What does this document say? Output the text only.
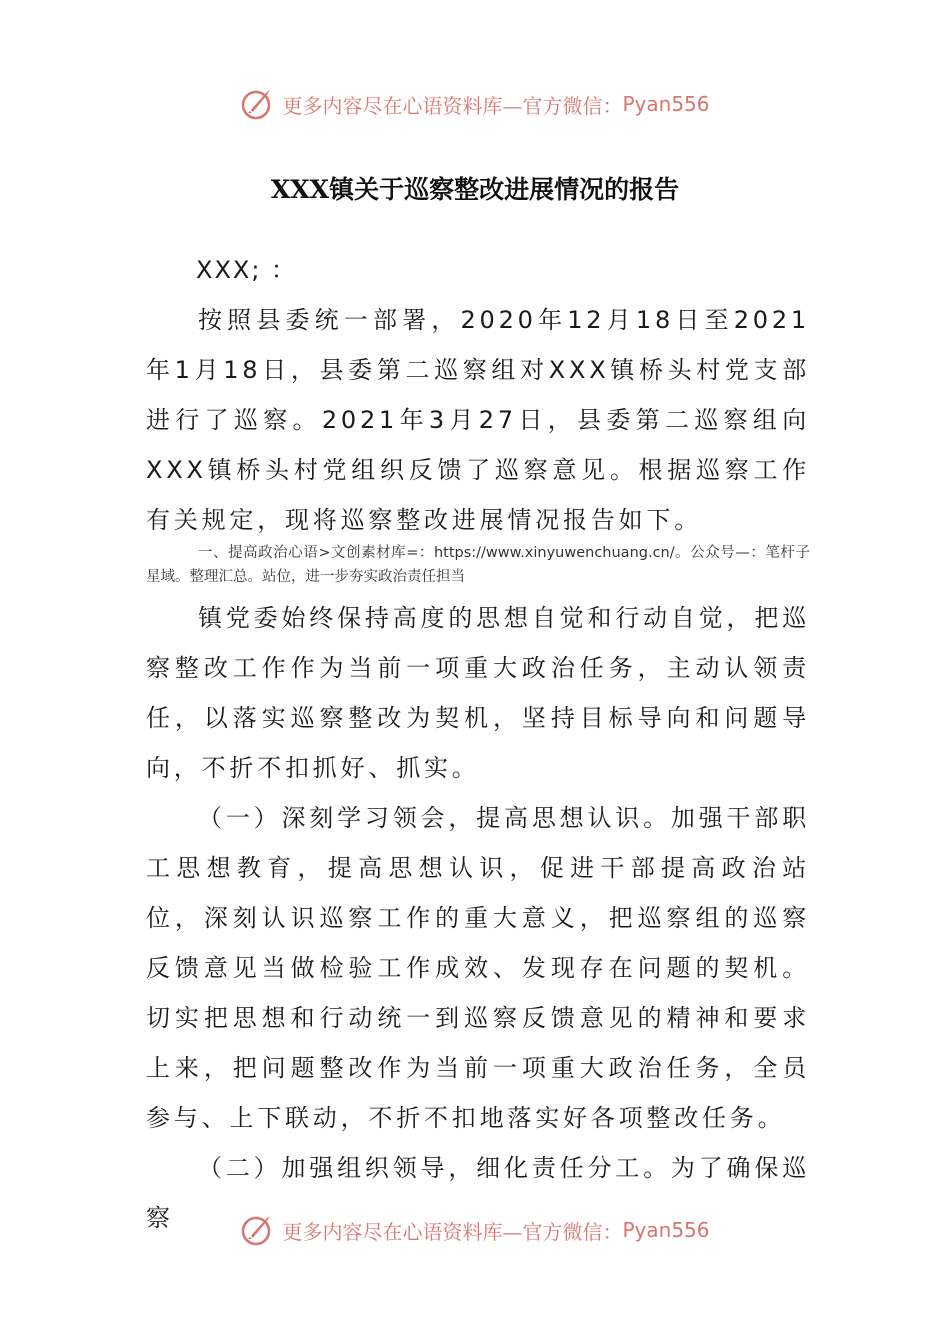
更多内容尽在心语资料库—官方微信： Pyan556
XXX镇关于巡察整改进展情况的报告
XXX; ：

按照县委统一部署，2020年12月18日至2021年1月18日，县委第二巡察组对XXX镇桥头村党支部进行了巡察。2021年3月27日，县委第二巡察组向XXX镇桥头村党组织反馈了巡察意见。根据巡察工作有关规定，现将巡察整改进展情况报告如下。

一、提高政治心语>文创素材库=：https://www.xinyuwenchuang.cn/。公众号—：笔杆子星域。整理汇总。站位，进一步夯实政治责任担当

镇党委始终保持高度的思想自觉和行动自觉，把巡察整改工作作为当前一项重大政治任务，主动认领责任，以落实巡察整改为契机，坚持目标导向和问题导向，不折不扣抓好、抓实。

（一）深刻学习领会，提高思想认识。加强干部职工思想教育，提高思想认识，促进干部提高政治站位，深刻认识巡察工作的重大意义，把巡察组的巡察反馈意见当做检验工作成效、发现存在问题的契机。切实把思想和行动统一到巡察反馈意见的精神和要求上来，把问题整改作为当前一项重大政治任务，全员参与、上下联动，不折不扣地落实好各项整改任务。

（二）加强组织领导，细化责任分工。为了确保巡察	更多内容尽在心语资料库—官方微信： Pyan556
